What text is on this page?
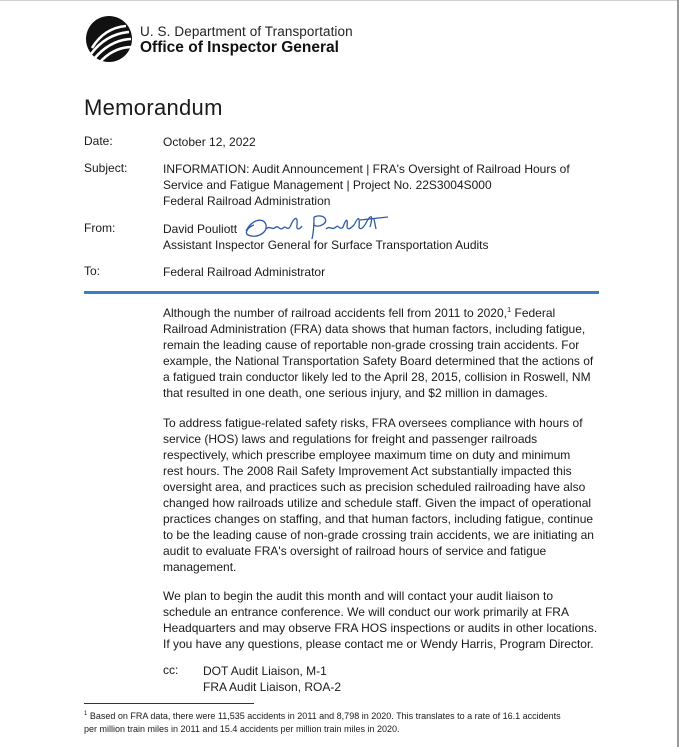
U. S. Department of Transportation
Office of Inspector General
Memorandum
Date:	October 12, 2022
Subject:	INFORMATION: Audit Announcement | FRA's Oversight of Railroad Hours of
Service and Fatigue Management | Project No. 22S3004S000
Federal Railroad Administration
From:	David Pouliott
Assistant Inspector General for Surface Transportation Audits
To:	Federal Railroad Administrator
Although the number of railroad accidents fell from 2011 to 2020,$^1$ Federal
Railroad Administration (FRA) data shows that human factors, including fatigue,
remain the leading cause of reportable non-grade crossing train accidents. For
example, the National Transportation Safety Board determined that the actions of
a fatigued train conductor likely led to the April 28, 2015, collision in Roswell, NM
that resulted in one death, one serious injury, and $2 million in damages.
To address fatigue-related safety risks, FRA oversees compliance with hours of
service (HOS) laws and regulations for freight and passenger railroads
respectively, which prescribe employee maximum time on duty and minimum
rest hours. The 2008 Rail Safety Improvement Act substantially impacted this
oversight area, and practices such as precision scheduled railroading have also
changed how railroads utilize and schedule staff. Given the impact of operational
practices changes on staffing, and that human factors, including fatigue, continue
to be the leading cause of non-grade crossing train accidents, we are initiating an
audit to evaluate FRA's oversight of railroad hours of service and fatigue
management.
We plan to begin the audit this month and will contact your audit liaison to
schedule an entrance conference. We will conduct our work primarily at FRA
Headquarters and may observe FRA HOS inspections or audits in other locations.
If you have any questions, please contact me or Wendy Harris, Program Director.
cc: DOT Audit Liaison, M-1
FRA Audit Liaison, ROA-2
$^1$ Based on FRA data, there were 11,535 accidents in 2011 and 8,798 in 2020. This translates to a rate of 16.1 accidents
per million train miles in 2011 and 15.4 accidents per million train miles in 2020.
